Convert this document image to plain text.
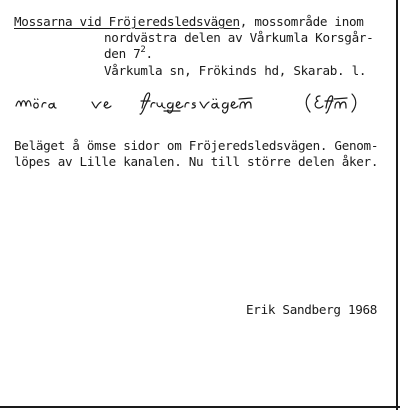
Mossarna vid Fröjeredsledsvägen, mossområde inom
nordvästra delen av Vårkumla Korsgår-
den $7^2$.
Vårkumla sn, Frökinds hd, Skarab. l.
Beläget å ömse sidor om Fröjeredsledsvägen. Genom-
löpes av Lille kanalen. Nu till större delen åker.
Erik Sandberg 1968
